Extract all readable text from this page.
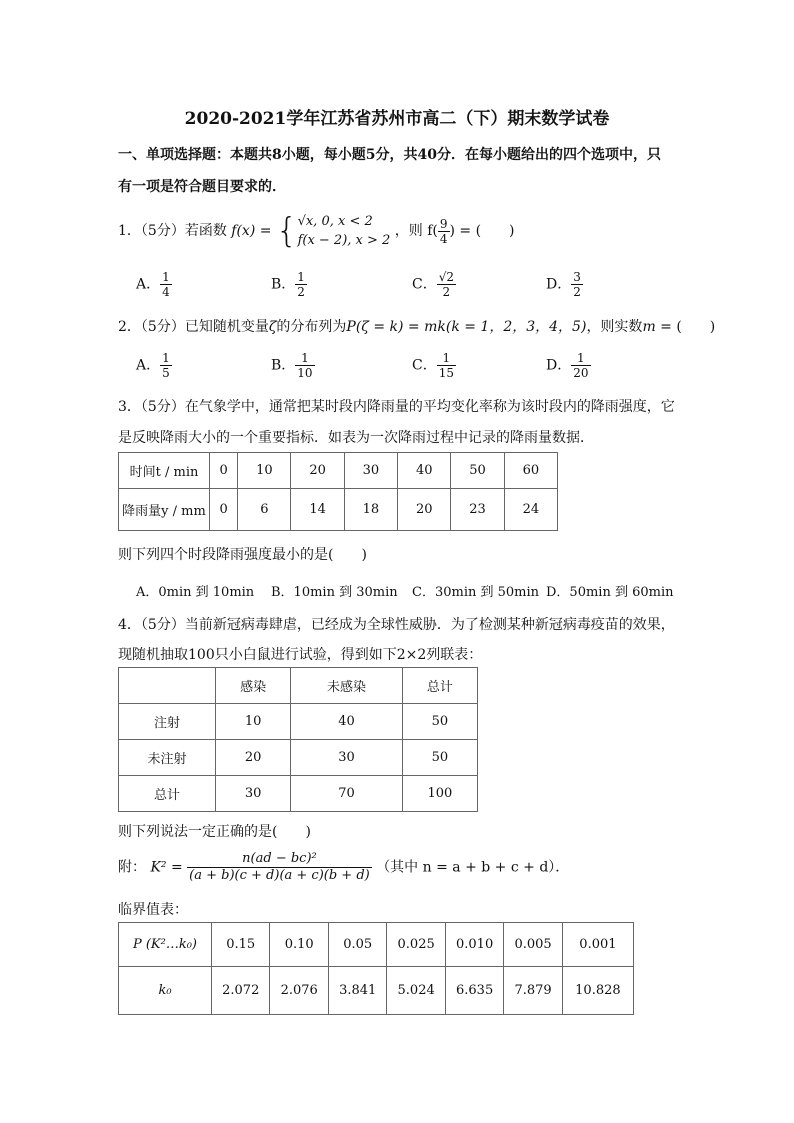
2020-2021学年江苏省苏州市高二（下）期末数学试卷
一、单项选择题：本题共8小题，每小题5分，共40分．在每小题给出的四个选项中，只
有一项是符合题目要求的．
1．（5分）若函数 f(x) = { √x, 0, x < 2
f(x − 2), x > 2
，则 $f( \frac{9}{4}$ ) = (　　)
A． $\frac{1}{4}$	B． $\frac{1}{2}$	C． $\frac{√2}{2}$	D． $\frac{3}{2}$
2．（5分）已知随机变量ζ的分布列为P(ζ = k) = mk(k = 1，2，3，4，5)，则实数m = (　　)
A． $\frac{1}{5}$	B． $\frac{1}{10}$	C． $\frac{1}{15}$	D． $\frac{1}{20}$
3．（5分）在气象学中，通常把某时段内降雨量的平均变化率称为该时段内的降雨强度，它
是反映降雨大小的一个重要指标．如表为一次降雨过程中记录的降雨量数据．
时间t / min	0	10	20	30	40	50	60
降雨量y / mm	0	6	14	18	20	23	24
则下列四个时段降雨强度最小的是(　　)
A．0min 到 10min B．10min 到 30min C．30min 到 50min D．50min 到 60min
4．（5分）当前新冠病毒肆虐，已经成为全球性威胁．为了检测某种新冠病毒疫苗的效果，
现随机抽取100只小白鼠进行试验，得到如下2×2列联表：
	感染	未感染	总计
注射	10	40	50
未注射	20	30	50
总计	30	70	100
则下列说法一定正确的是(　　)
附： $K^2 = \frac{\text{n(ad − bc)²}}{(a + b)(c + d)(a + c)(b + d)}$ （其中 n = a + b + c + d）．
临界值表：
P (K²…k₀)	0.15	0.10	0.05	0.025	0.010	0.005	0.001
k₀	2.072	2.076	3.841	5.024	6.635	7.879	10.828
